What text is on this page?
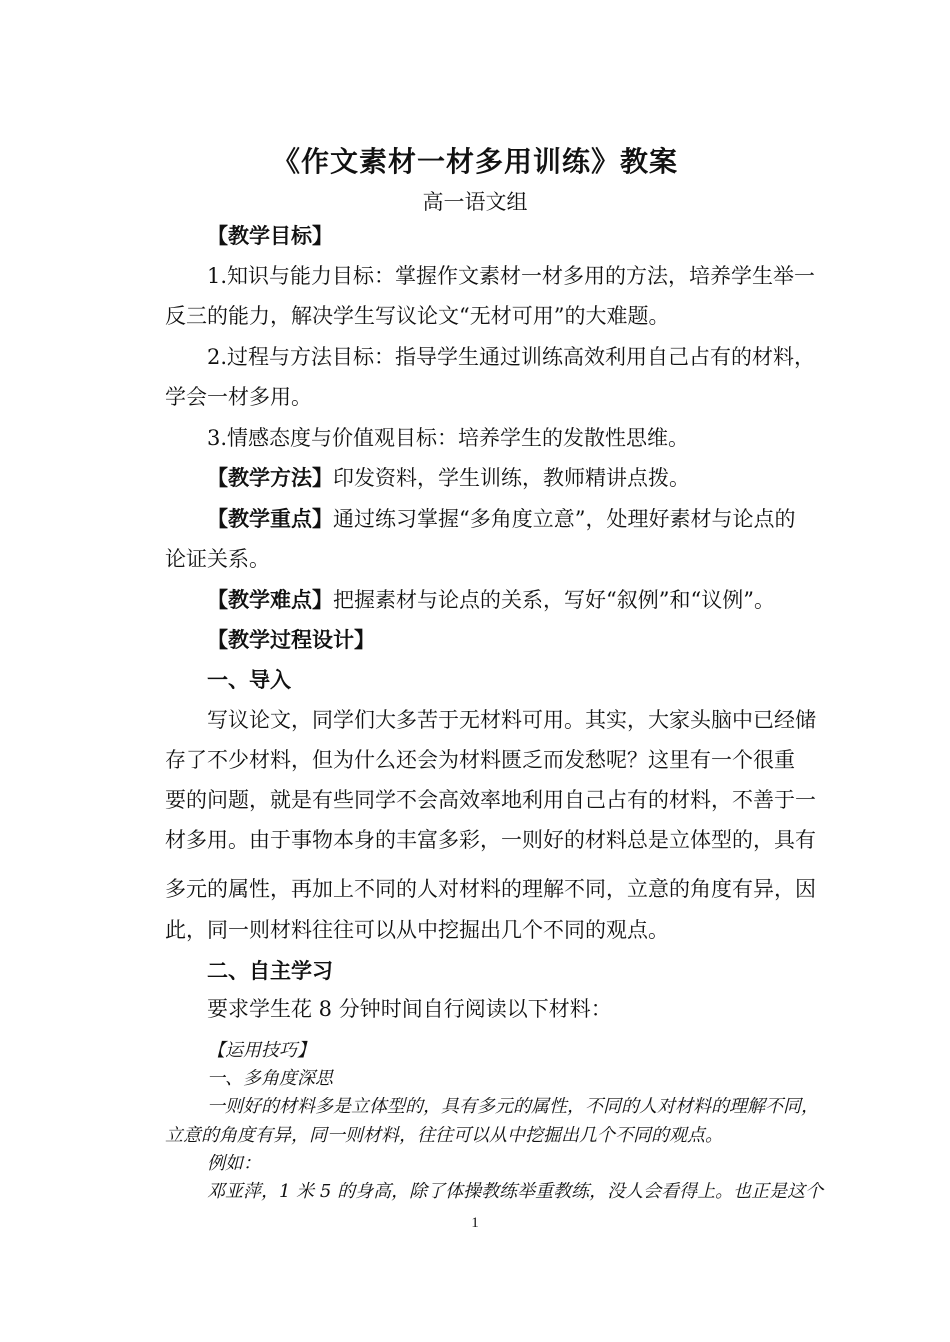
《作文素材一材多用训练》教案
高一语文组
【教学目标】
1.知识与能力目标：掌握作文素材一材多用的方法，培养学生举一
反三的能力，解决学生写议论文“无材可用”的大难题。
2.过程与方法目标：指导学生通过训练高效利用自己占有的材料，
学会一材多用。
3.情感态度与价值观目标：培养学生的发散性思维。
【教学方法】印发资料，学生训练，教师精讲点拨。
【教学重点】通过练习掌握“多角度立意”，处理好素材与论点的
论证关系。
【教学难点】把握素材与论点的关系，写好“叙例”和“议例”。
【教学过程设计】
一、导入
写议论文，同学们大多苦于无材料可用。其实，大家头脑中已经储
存了不少材料，但为什么还会为材料匮乏而发愁呢？这里有一个很重
要的问题，就是有些同学不会高效率地利用自己占有的材料，不善于一
材多用。由于事物本身的丰富多彩，一则好的材料总是立体型的，具有
多元的属性，再加上不同的人对材料的理解不同，立意的角度有异，因
此，同一则材料往往可以从中挖掘出几个不同的观点。
二、自主学习
要求学生花 8 分钟时间自行阅读以下材料：
【运用技巧】
一、多角度深思
一则好的材料多是立体型的，具有多元的属性，不同的人对材料的理解不同，
立意的角度有异，同一则材料，往往可以从中挖掘出几个不同的观点。
例如：
邓亚萍，1 米 5 的身高，除了体操教练举重教练，没人会看得上。也正是这个
1
